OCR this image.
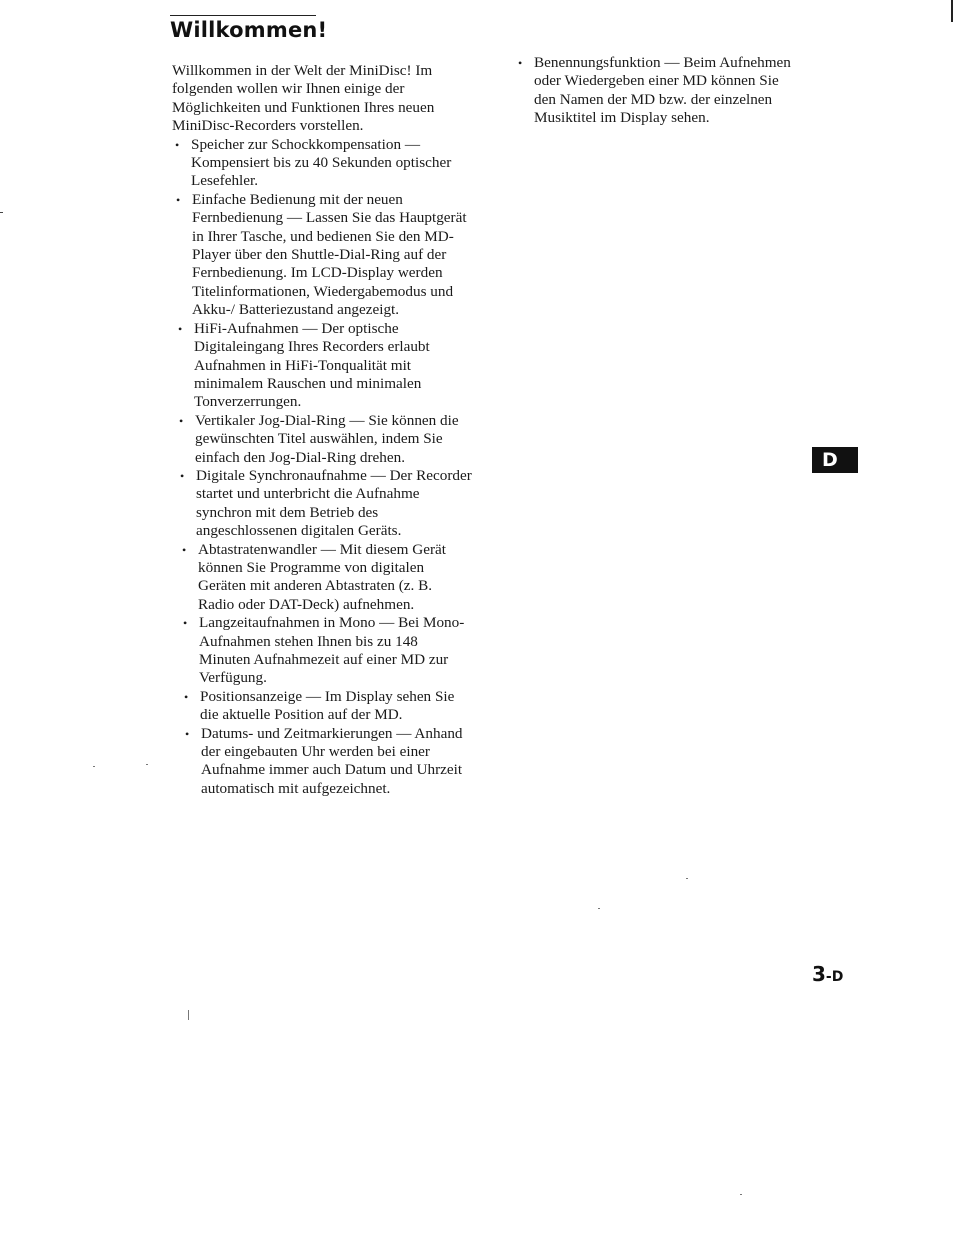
Willkommen!

Willkommen in der Welt der MiniDisc! Im folgenden wollen wir Ihnen einige der Möglichkeiten und Funktionen Ihres neuen MiniDisc-Recorders vorstellen.

• Speicher zur Schockkompensation — Kompensiert bis zu 40 Sekunden optischer Lesefehler.
• Einfache Bedienung mit der neuen Fernbedienung — Lassen Sie das Hauptgerät in Ihrer Tasche, und bedienen Sie den MD-Player über den Shuttle-Dial-Ring auf der Fernbedienung. Im LCD-Display werden Titelinformationen, Wiedergabemodus und Akku-/ Batteriezustand angezeigt.
• HiFi-Aufnahmen — Der optische Digitaleingang Ihres Recorders erlaubt Aufnahmen in HiFi-Tonqualität mit minimalem Rauschen und minimalen Tonverzerrungen.
• Vertikaler Jog-Dial-Ring — Sie können die gewünschten Titel auswählen, indem Sie einfach den Jog-Dial-Ring drehen.
• Digitale Synchronaufnahme — Der Recorder startet und unterbricht die Aufnahme synchron mit dem Betrieb des angeschlossenen digitalen Geräts.
• Abtastratenwandler — Mit diesem Gerät können Sie Programme von digitalen Geräten mit anderen Abtastraten (z. B. Radio oder DAT-Deck) aufnehmen.
• Langzeitaufnahmen in Mono — Bei Mono-Aufnahmen stehen Ihnen bis zu 148 Minuten Aufnahmezeit auf einer MD zur Verfügung.
• Positionsanzeige — Im Display sehen Sie die aktuelle Position auf der MD.
• Datums- und Zeitmarkierungen — Anhand der eingebauten Uhr werden bei einer Aufnahme immer auch Datum und Uhrzeit automatisch mit aufgezeichnet.
• Benennungsfunktion — Beim Aufnehmen oder Wiedergeben einer MD können Sie den Namen der MD bzw. der einzelnen Musiktitel im Display sehen.
D
3-D
